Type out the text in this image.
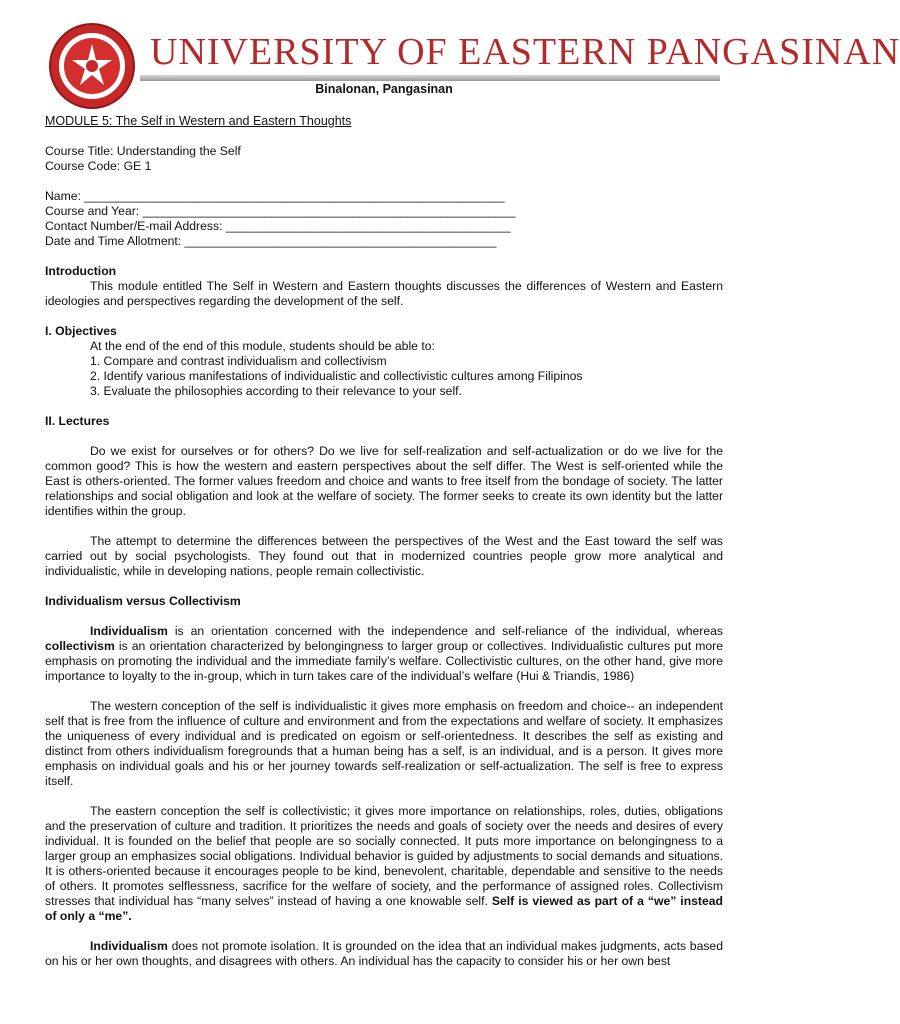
UNIVERSITY OF EASTERN PANGASINAN
Binalonan, Pangasinan

MODULE 5: The Self in Western and Eastern Thoughts

Course Title: Understanding the Self

Course Code: GE 1

Name: ______________________________________________________________

Course and Year: _______________________________________________________

Contact Number/E-mail Address: __________________________________________

Date and Time Allotment: ______________________________________________

Introduction

This module entitled The Self in Western and Eastern thoughts discusses the differences of Western and Eastern ideologies and perspectives regarding the development of the self.

I. Objectives

At the end of the end of this module, students should be able to:

1. Compare and contrast individualism and collectivism

2. Identify various manifestations of individualistic and collectivistic cultures among Filipinos

3. Evaluate the philosophies according to their relevance to your self.

II. Lectures

Do we exist for ourselves or for others? Do we live for self-realization and self-actualization or do we live for the common good? This is how the western and eastern perspectives about the self differ. The West is self-oriented while the East is others-oriented. The former values freedom and choice and wants to free itself from the bondage of society. The latter relationships and social obligation and look at the welfare of society. The former seeks to create its own identity but the latter identifies within the group.

The attempt to determine the differences between the perspectives of the West and the East toward the self was carried out by social psychologists. They found out that in modernized countries people grow more analytical and individualistic, while in developing nations, people remain collectivistic.

Individualism versus Collectivism

Individualism is an orientation concerned with the independence and self-reliance of the individual, whereas collectivism is an orientation characterized by belongingness to larger group or collectives. Individualistic cultures put more emphasis on promoting the individual and the immediate family’s welfare. Collectivistic cultures, on the other hand, give more importance to loyalty to the in-group, which in turn takes care of the individual’s welfare (Hui & Triandis, 1986)

The western conception of the self is individualistic it gives more emphasis on freedom and choice-- an independent self that is free from the influence of culture and environment and from the expectations and welfare of society. It emphasizes the uniqueness of every individual and is predicated on egoism or self-orientedness. It describes the self as existing and distinct from others individualism foregrounds that a human being has a self, is an individual, and is a person. It gives more emphasis on individual goals and his or her journey towards self-realization or self-actualization. The self is free to express itself.

The eastern conception the self is collectivistic; it gives more importance on relationships, roles, duties, obligations and the preservation of culture and tradition. It prioritizes the needs and goals of society over the needs and desires of every individual. It is founded on the belief that people are so socially connected. It puts more importance on belongingness to a larger group an emphasizes social obligations. Individual behavior is guided by adjustments to social demands and situations. It is others-oriented because it encourages people to be kind, benevolent, charitable, dependable and sensitive to the needs of others. It promotes selflessness, sacrifice for the welfare of society, and the performance of assigned roles. Collectivism stresses that individual has “many selves” instead of having a one knowable self. Self is viewed as part of a “we” instead of only a “me”.

Individualism does not promote isolation. It is grounded on the idea that an individual makes judgments, acts based on his or her own thoughts, and disagrees with others. An individual has the capacity to consider his or her own best
